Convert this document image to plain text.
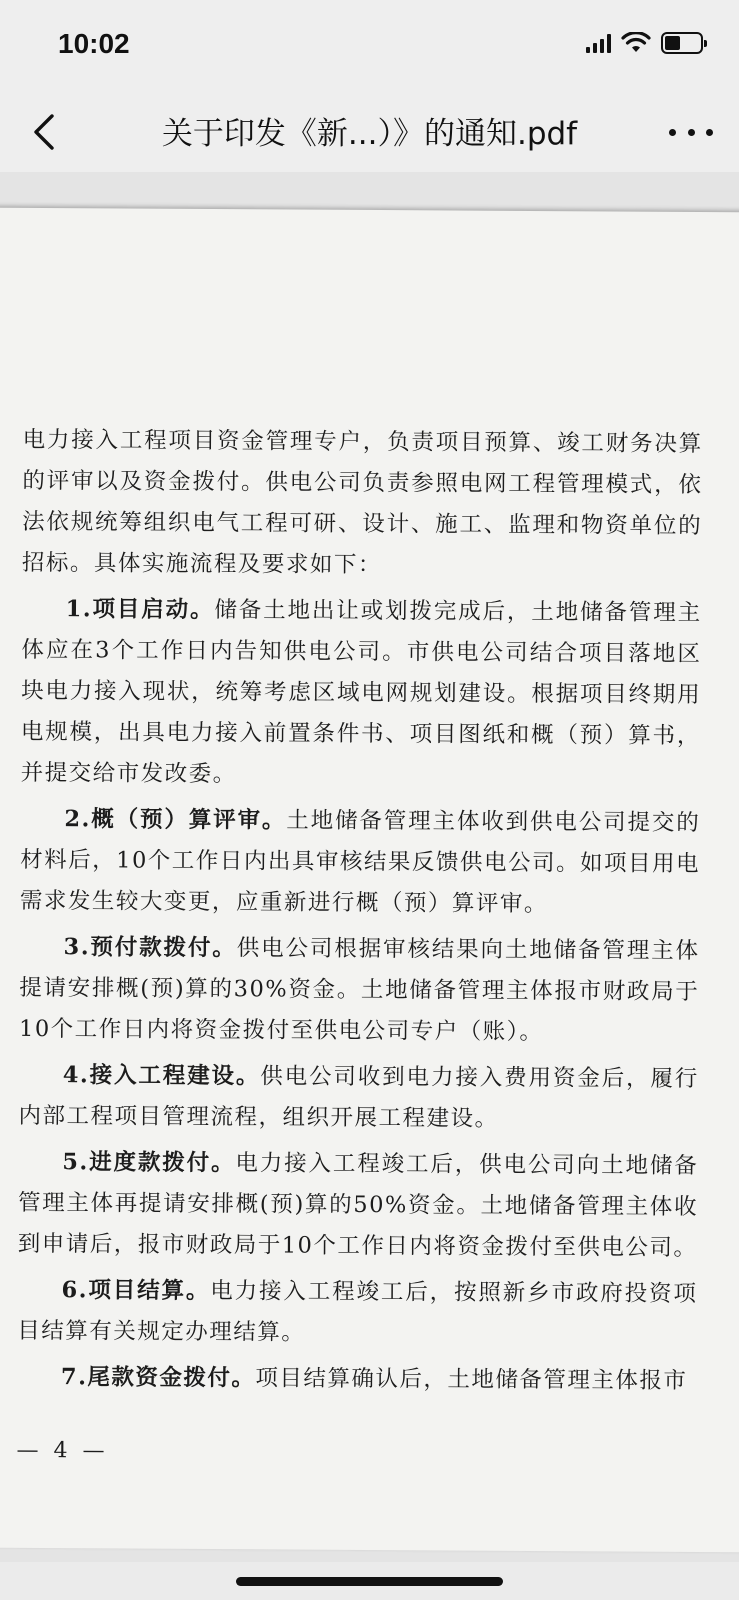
10:02
关于印发《新...）》的通知.pdf
电力接入工程项目资金管理专户，负责项目预算、竣工财务决算的评审以及资金拨付。供电公司负责参照电网工程管理模式，依法依规统筹组织电气工程可研、设计、施工、监理和物资单位的招标。具体实施流程及要求如下：
1.项目启动。储备土地出让或划拨完成后，土地储备管理主体应在3个工作日内告知供电公司。市供电公司结合项目落地区块电力接入现状，统筹考虑区域电网规划建设。根据项目终期用电规模，出具电力接入前置条件书、项目图纸和概（预）算书，并提交给市发改委。
2.概（预）算评审。土地储备管理主体收到供电公司提交的材料后，10个工作日内出具审核结果反馈供电公司。如项目用电需求发生较大变更，应重新进行概（预）算评审。
3.预付款拨付。供电公司根据审核结果向土地储备管理主体提请安排概(预)算的30%资金。土地储备管理主体报市财政局于10个工作日内将资金拨付至供电公司专户（账）。
4.接入工程建设。供电公司收到电力接入费用资金后，履行内部工程项目管理流程，组织开展工程建设。
5.进度款拨付。电力接入工程竣工后，供电公司向土地储备管理主体再提请安排概(预)算的50%资金。土地储备管理主体收到申请后，报市财政局于10个工作日内将资金拨付至供电公司。
6.项目结算。电力接入工程竣工后，按照新乡市政府投资项目结算有关规定办理结算。
7.尾款资金拨付。项目结算确认后，土地储备管理主体报市
— 4 —
